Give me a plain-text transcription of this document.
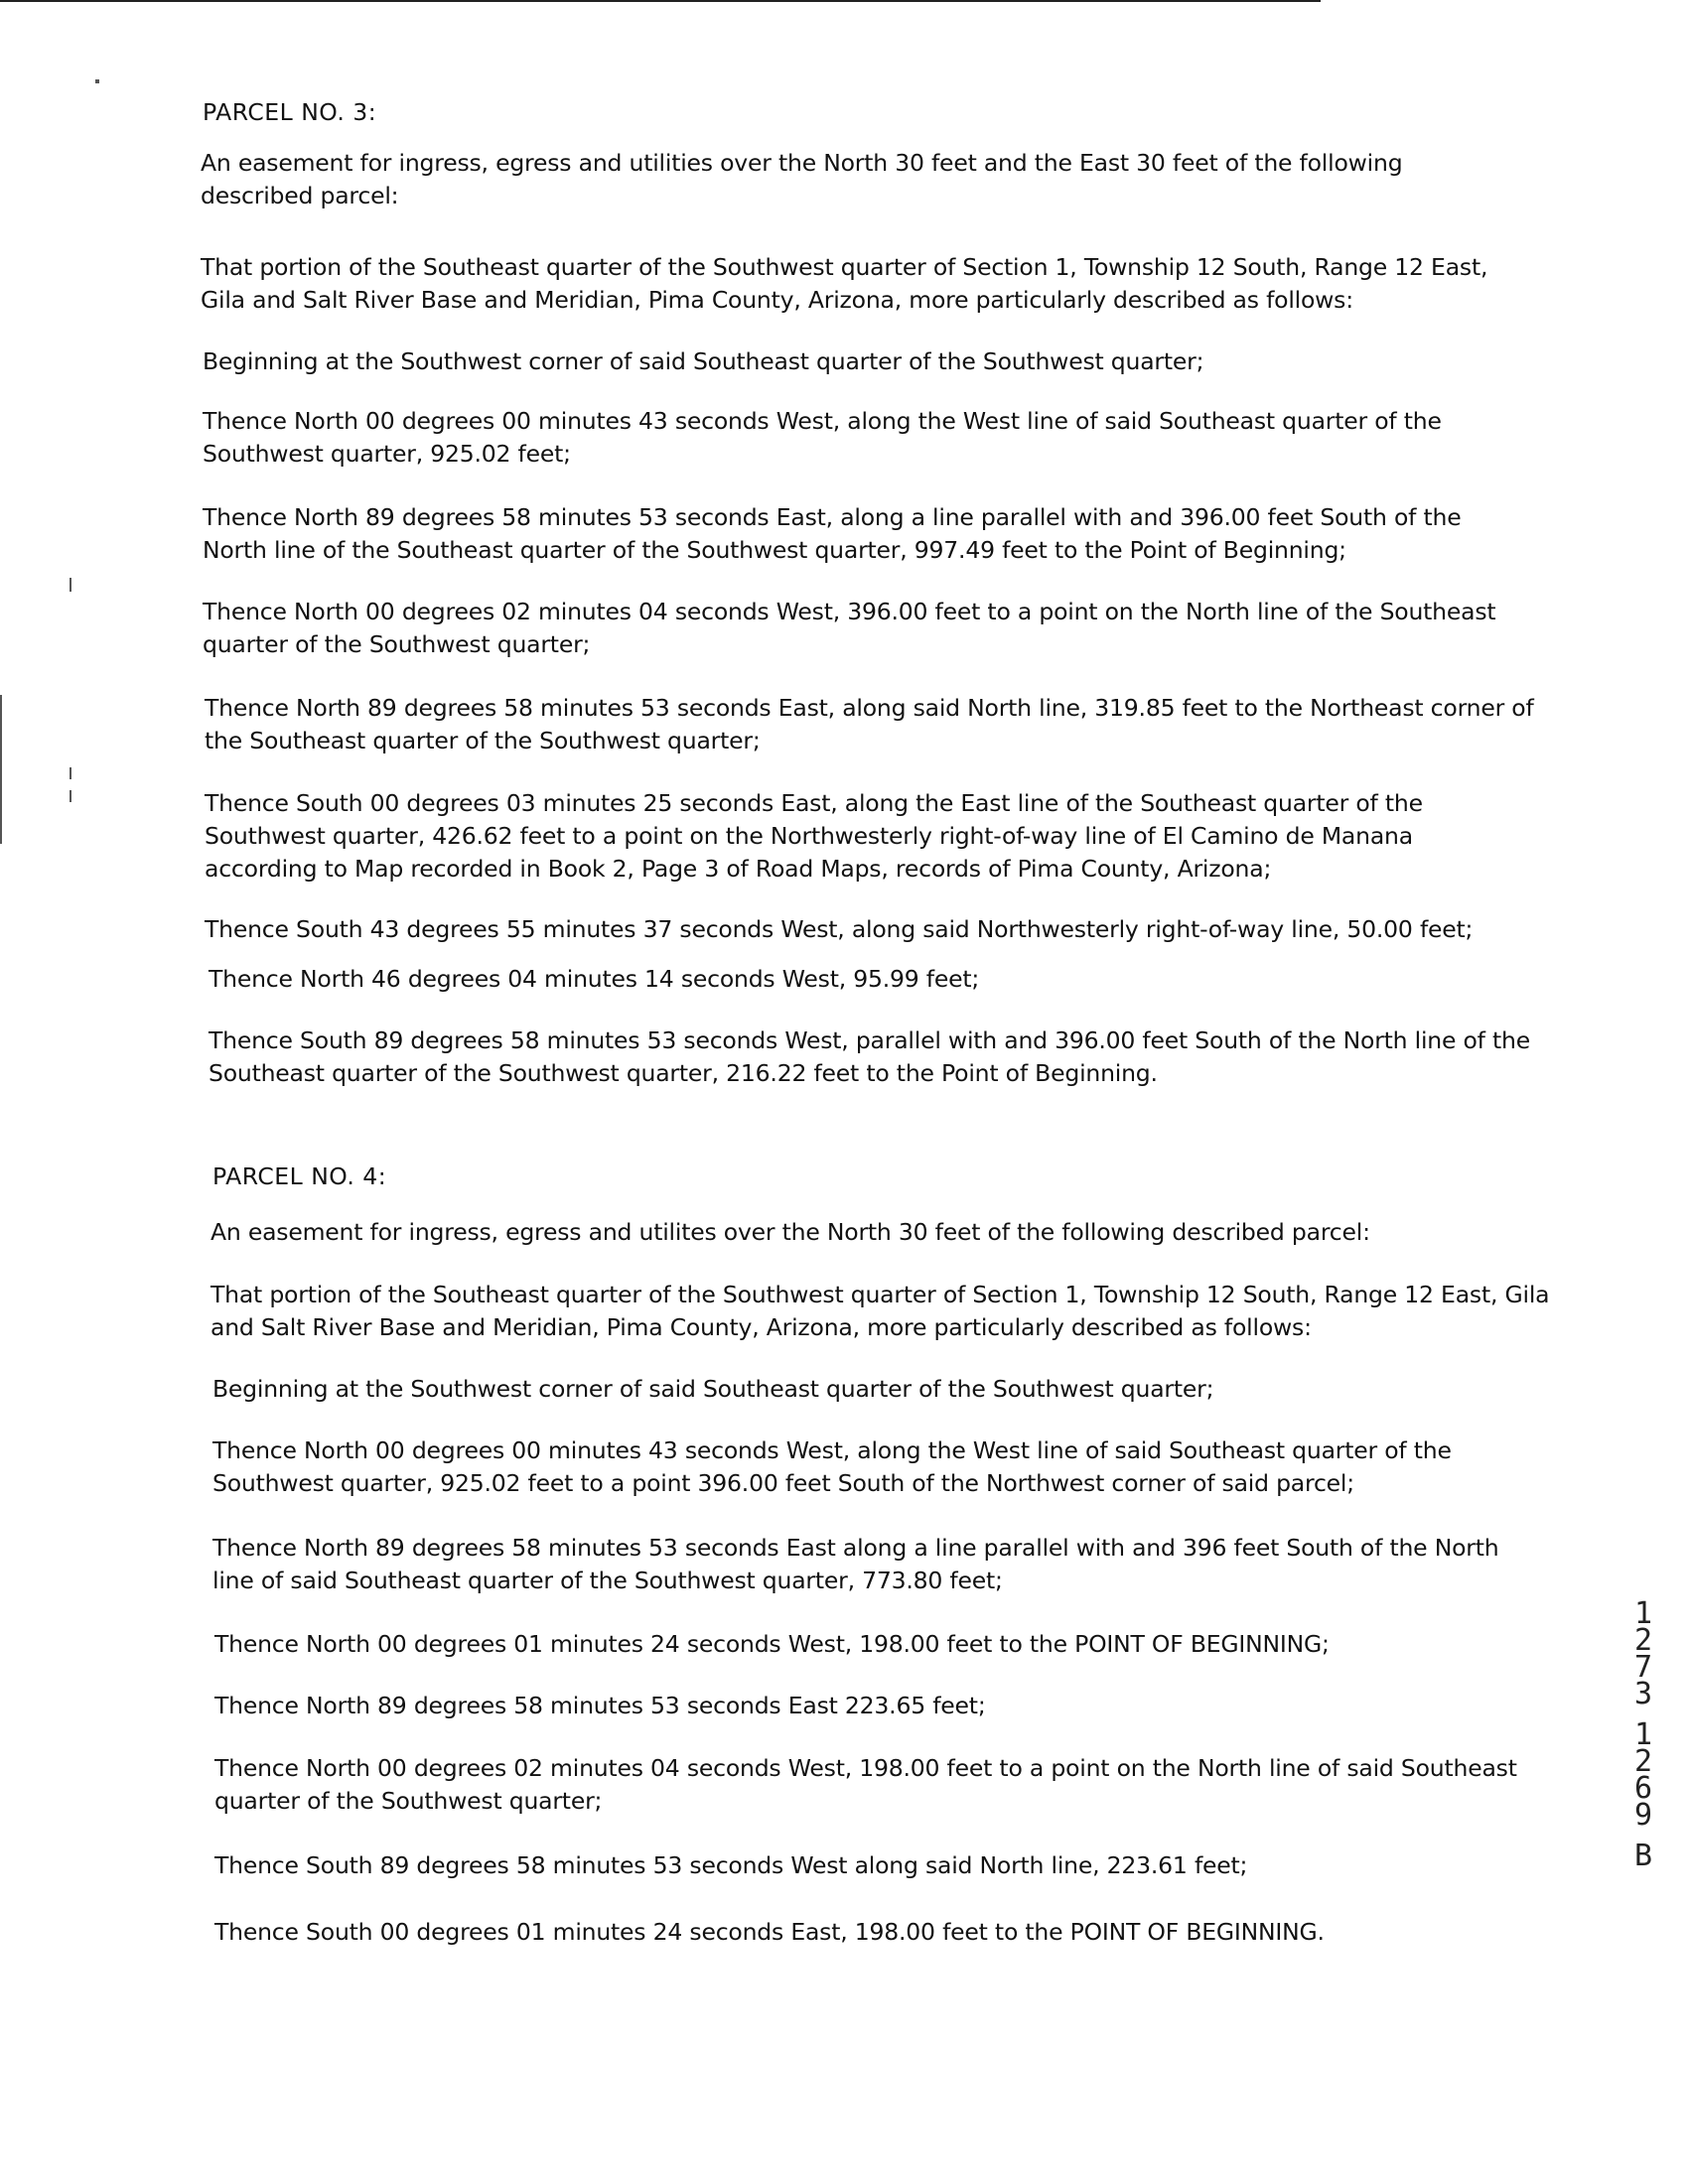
PARCEL NO. 3:
An easement for ingress, egress and utilities over the North 30 feet and the East 30 feet of the following described parcel:
That portion of the Southeast quarter of the Southwest quarter of Section 1, Township 12 South, Range 12 East, Gila and Salt River Base and Meridian, Pima County, Arizona, more particularly described as follows:
Beginning at the Southwest corner of said Southeast quarter of the Southwest quarter;
Thence North 00 degrees 00 minutes 43 seconds West, along the West line of said Southeast quarter of the Southwest quarter, 925.02 feet;
Thence North 89 degrees 58 minutes 53 seconds East, along a line parallel with and 396.00 feet South of the North line of the Southeast quarter of the Southwest quarter, 997.49 feet to the Point of Beginning;
Thence North 00 degrees 02 minutes 04 seconds West, 396.00 feet to a point on the North line of the Southeast quarter of the Southwest quarter;
Thence North 89 degrees 58 minutes 53 seconds East, along said North line, 319.85 feet to the Northeast corner of the Southeast quarter of the Southwest quarter;
Thence South 00 degrees 03 minutes 25 seconds East, along the East line of the Southeast quarter of the Southwest quarter, 426.62 feet to a point on the Northwesterly right-of-way line of El Camino de Manana according to Map recorded in Book 2, Page 3 of Road Maps, records of Pima County, Arizona;
Thence South 43 degrees 55 minutes 37 seconds West, along said Northwesterly right-of-way line, 50.00 feet;
Thence North 46 degrees 04 minutes 14 seconds West, 95.99 feet;
Thence South 89 degrees 58 minutes 53 seconds West, parallel with and 396.00 feet South of the North line of the Southeast quarter of the Southwest quarter, 216.22 feet to the Point of Beginning.
PARCEL NO. 4:
An easement for ingress, egress and utilites over the North 30 feet of the following described parcel:
That portion of the Southeast quarter of the Southwest quarter of Section 1, Township 12 South, Range 12 East, Gila and Salt River Base and Meridian, Pima County, Arizona, more particularly described as follows:
Beginning at the Southwest corner of said Southeast quarter of the Southwest quarter;
Thence North 00 degrees 00 minutes 43 seconds West, along the West line of said Southeast quarter of the Southwest quarter, 925.02 feet to a point 396.00 feet South of the Northwest corner of said parcel;
Thence North 89 degrees 58 minutes 53 seconds East along a line parallel with and 396 feet South of the North line of said Southeast quarter of the Southwest quarter, 773.80 feet;
Thence North 00 degrees 01 minutes 24 seconds West, 198.00 feet to the POINT OF BEGINNING;
Thence North 89 degrees 58 minutes 53 seconds East 223.65 feet;
Thence North 00 degrees 02 minutes 04 seconds West, 198.00 feet to a point on the North line of said Southeast quarter of the Southwest quarter;
Thence South 89 degrees 58 minutes 53 seconds West along said North line, 223.61 feet;
Thence South 00 degrees 01 minutes 24 seconds East, 198.00 feet to the POINT OF BEGINNING.
1
2
7
3
1
2
6
9
B
